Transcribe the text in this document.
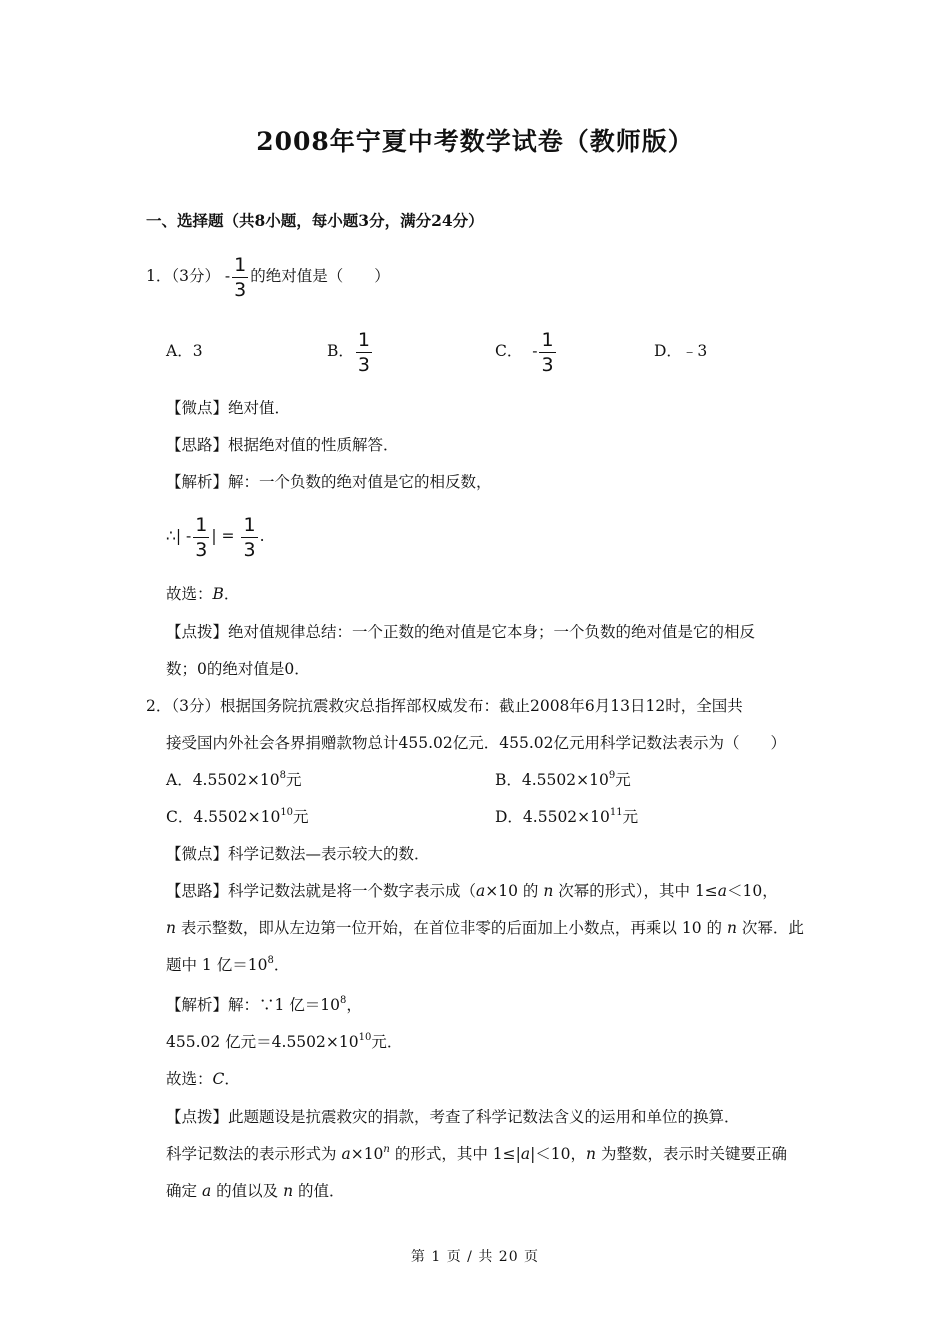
2008年宁夏中考数学试卷（教师版）
一、选择题（共8小题，每小题3分，满分24分）
1．（3分） - $\frac{1}{3}$ 的绝对值是（　　）
A．3	B． $\frac{1}{3}$	C． - $\frac{1}{3}$	D．﹣3
【微点】绝对值．
【思路】根据绝对值的性质解答．
【解析】解：一个负数的绝对值是它的相反数，
∴| - $\frac{1}{3}$ | = $\frac{1}{3}$ .
故选：B．
【点拨】绝对值规律总结：一个正数的绝对值是它本身；一个负数的绝对值是它的相反
数；0的绝对值是0．
2．（3分）根据国务院抗震救灾总指挥部权威发布：截止2008年6月13日12时，全国共
接受国内外社会各界捐赠款物总计455.02亿元．455.02亿元用科学记数法表示为（　　）
A．$4.5502\times 10^8$元	B．$4.5502\times 10^9$元
C．$4.5502\times 10^{10}$元	D．$4.5502\times 10^{11}$元
【微点】科学记数法—表示较大的数．
【思路】科学记数法就是将一个数字表示成（a×10 的 n 次幂的形式），其中 1≤a＜10，
n 表示整数，即从左边第一位开始，在首位非零的后面加上小数点，再乘以 10 的 n 次幂．此
题中 1 亿$=10^8$．
【解析】解：∵1 亿$=10^8$，
455.02 亿元$=4.5502\times 10^{10}$元．
故选：C．
【点拨】此题题设是抗震救灾的捐款，考查了科学记数法含义的运用和单位的换算．
科学记数法的表示形式为 $a\times 10^n$ 的形式，其中 1≤|a|＜10，n 为整数，表示时关键要正确
确定 a 的值以及 n 的值．
第 1 页 / 共 20 页
